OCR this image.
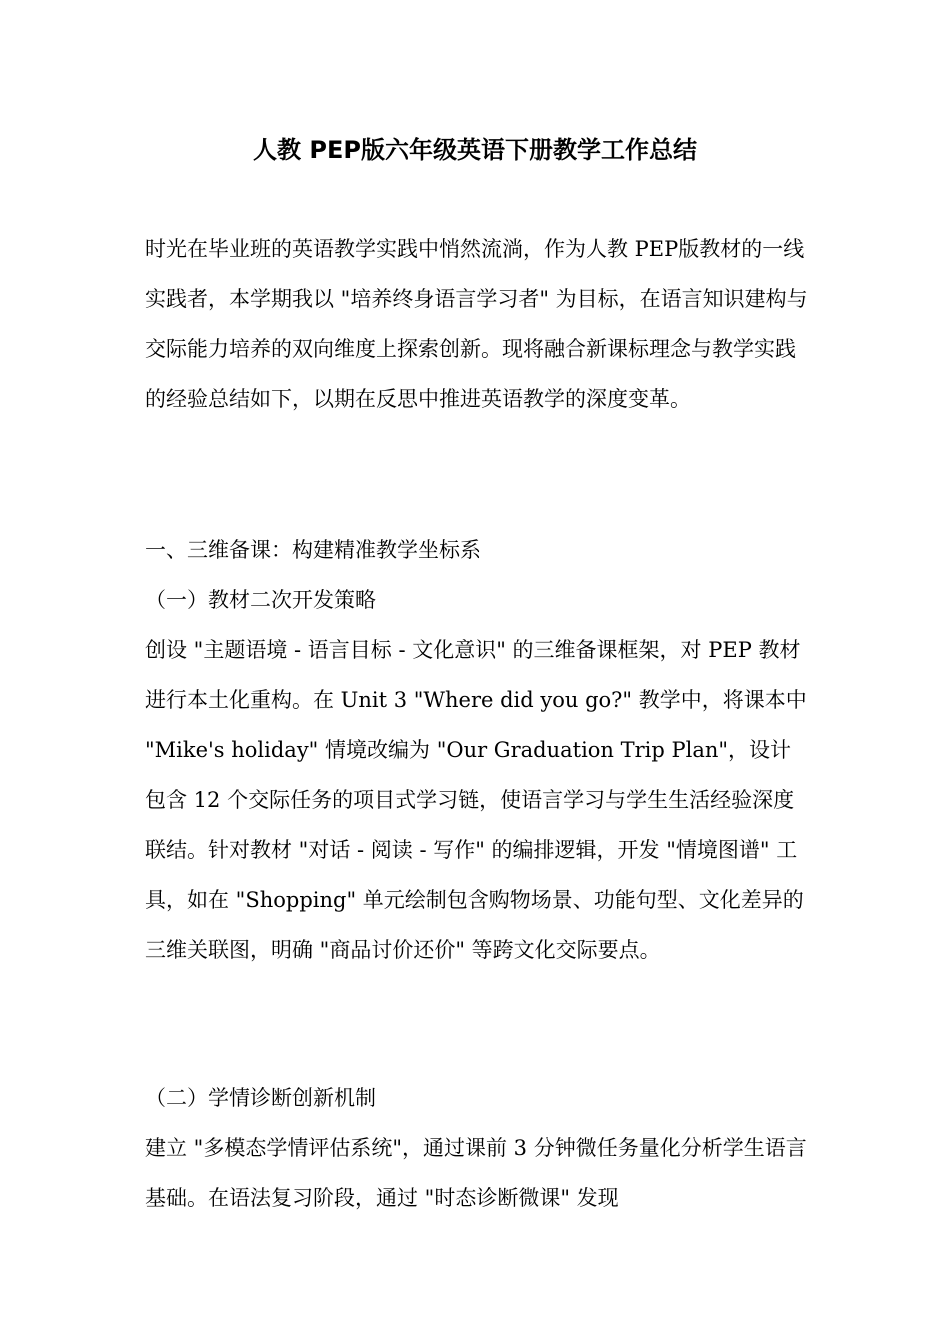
人教 PEP版六年级英语下册教学工作总结

时光在毕业班的英语教学实践中悄然流淌，作为人教 PEP版教材的一线实践者，本学期我以 "培养终身语言学习者" 为目标，在语言知识建构与交际能力培养的双向维度上探索创新。现将融合新课标理念与教学实践的经验总结如下，以期在反思中推进英语教学的深度变革。

一、三维备课：构建精准教学坐标系

（一）教材二次开发策略

创设 "主题语境 - 语言目标 - 文化意识" 的三维备课框架，对 PEP 教材进行本土化重构。在 Unit 3 "Where did you go?" 教学中，将课本中 "Mike's holiday" 情境改编为 "Our Graduation Trip Plan"，设计包含 12 个交际任务的项目式学习链，使语言学习与学生生活经验深度联结。针对教材 "对话 - 阅读 - 写作" 的编排逻辑，开发 "情境图谱" 工具，如在 "Shopping" 单元绘制包含购物场景、功能句型、文化差异的三维关联图，明确 "商品讨价还价" 等跨文化交际要点。

（二）学情诊断创新机制

建立 "多模态学情评估系统"，通过课前 3 分钟微任务量化分析学生语言基础。在语法复习阶段，通过 "时态诊断微课" 发现
